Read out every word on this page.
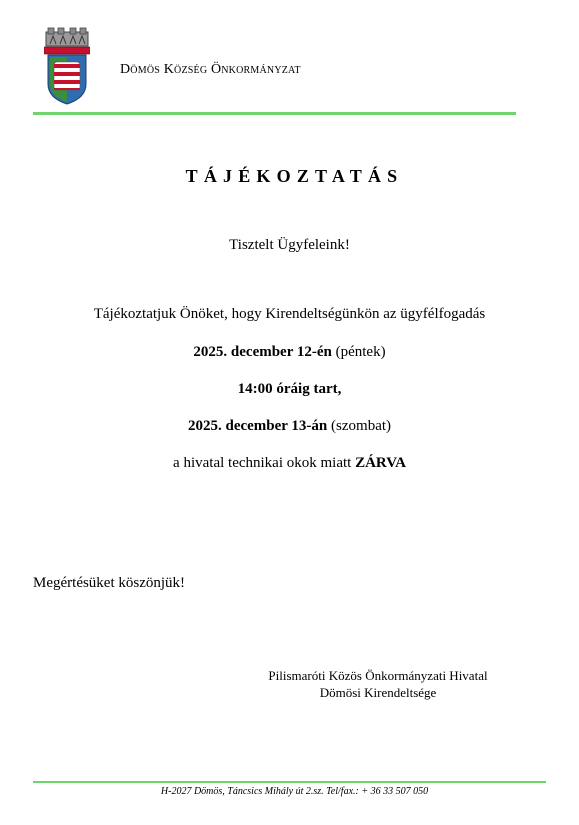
Dömös Község Önkormányzat
TÁJÉKOZTATÁS
Tisztelt Ügyfeleink!
Tájékoztatjuk Önöket, hogy Kirendeltségünkön az ügyfélfogadás
2025. december 12-én (péntek)
14:00 óráig tart,
2025. december 13-án (szombat)
a hivatal technikai okok miatt ZÁRVA
Megértésüket köszönjük!
Pilismaróti Közös Önkormányzati Hivatal
Dömösi Kirendeltsége
H-2027 Dömös, Táncsics Mihály út 2.sz. Tel/fax.: + 36 33 507 050
